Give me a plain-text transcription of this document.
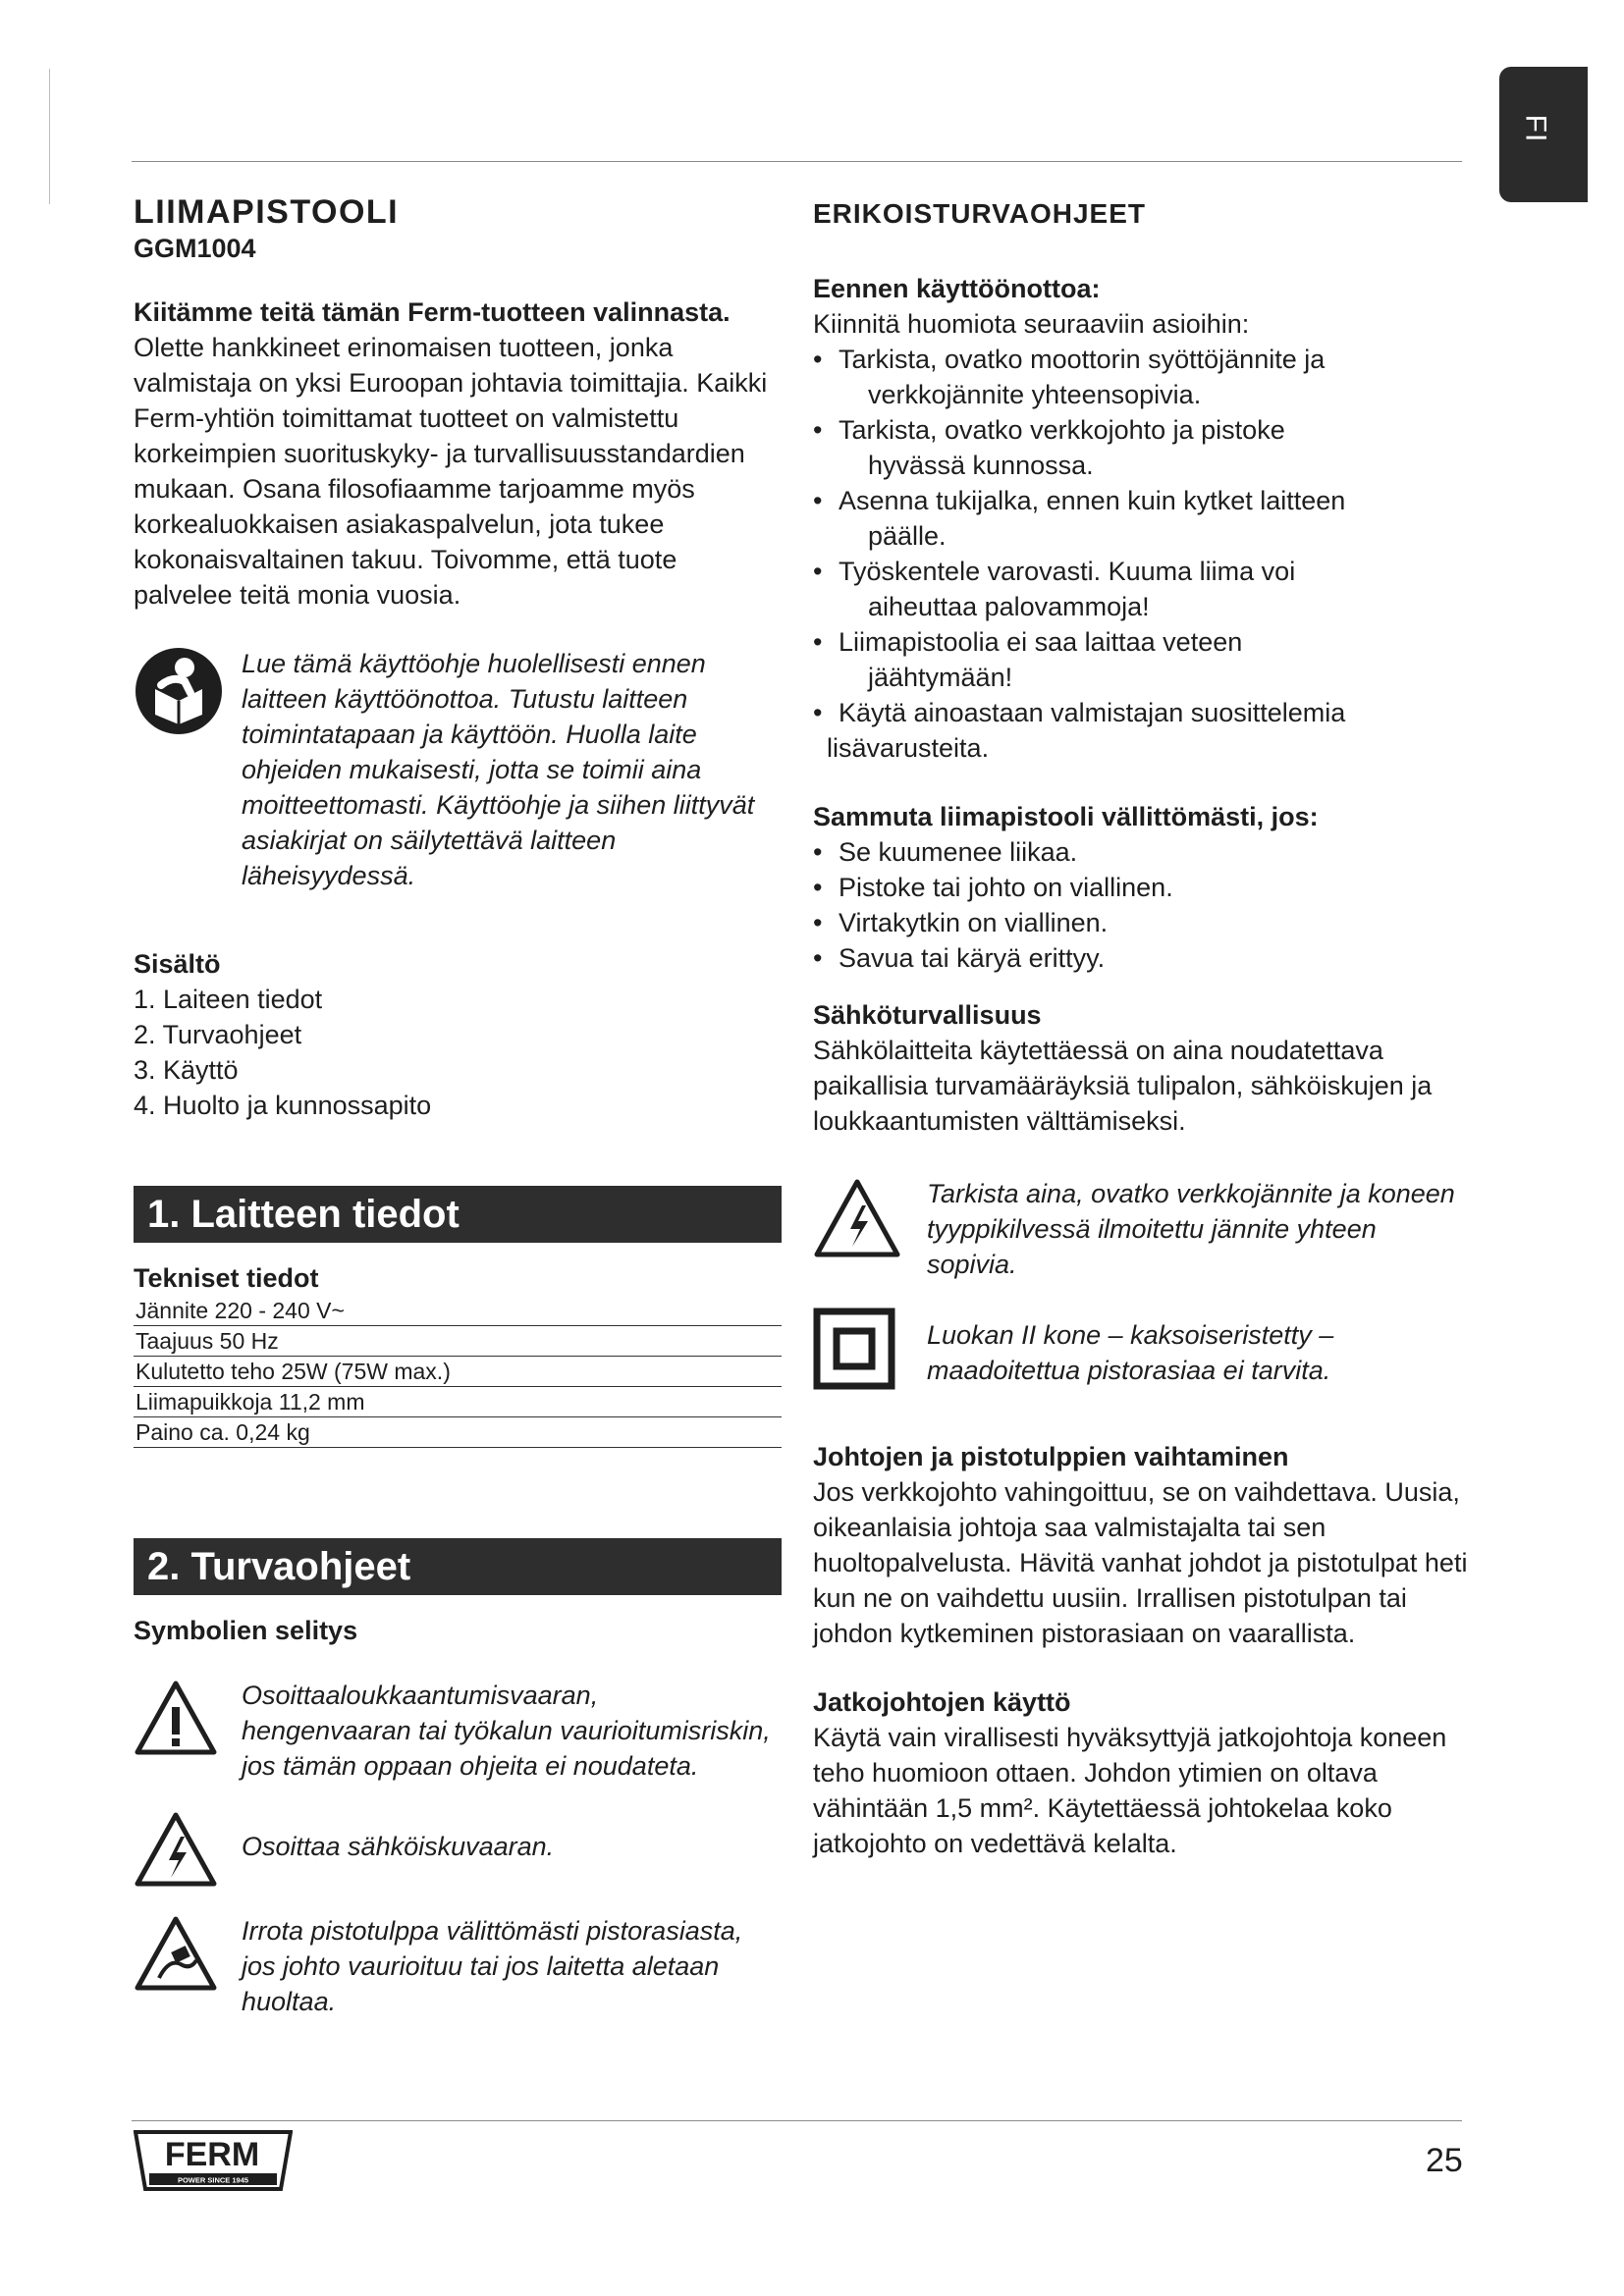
FI
LIIMAPISTOOLI

GGM1004

Kiitämme teitä tämän Ferm-tuotteen valinnasta. Olette hankkineet erinomaisen tuotteen, jonka valmistaja on yksi Euroopan johtavia toimittajia. Kaikki Ferm-yhtiön toimittamat tuotteet on valmistettu korkeimpien suorituskyky- ja turvallisuusstandardien mukaan. Osana filosofiaamme tarjoamme myös korkealuokkaisen asiakaspalvelun, jota tukee kokonaisvaltainen takuu. Toivomme, että tuote palvelee teitä monia vuosia.

Lue tämä käyttöohje huolellisesti ennen laitteen käyttöönottoa. Tutustu laitteen toimintatapaan ja käyttöön. Huolla laite ohjeiden mukaisesti, jotta se toimii aina moitteettomasti. Käyttöohje ja siihen liittyvät asiakirjat on säilytettävä laitteen läheisyydessä.

Sisältö

1. Laiteen tiedot
2. Turvaohjeet
3. Käyttö
4. Huolto ja kunnossapito
1. Laitteen tiedot

Tekniset tiedot

Jännite 220 - 240 V~
Taajuus 50 Hz
Kulutetto teho 25W (75W max.)
Liimapuikkoja 11,2 mm
Paino ca. 0,24 kg
2. Turvaohjeet

Symbolien selitys

Osoittaaloukkaantumisvaaran, hengenvaaran tai työkalun vaurioitumisriskin, jos tämän oppaan ohjeita ei noudateta.

Osoittaa sähköiskuvaaran.

Irrota pistotulppa välittömästi pistorasiasta, jos johto vaurioituu tai jos laitetta aletaan huoltaa.

ERIKOISTURVAOHJEET

Eennen käyttöönottoa:

Kiinnitä huomiota seuraaviin asioihin:

• Tarkista, ovatko moottorin syöttöjännite ja
verkkojännite yhteensopivia.
• Tarkista, ovatko verkkojohto ja pistoke
hyvässä kunnossa.
• Asenna tukijalka, ennen kuin kytket laitteen
päälle.
• Työskentele varovasti. Kuuma liima voi
aiheuttaa palovammoja!
• Liimapistoolia ei saa laittaa veteen
jäähtymään!
• Käytä ainoastaan valmistajan suosittelemia

lisävarusteita.

Sammuta liimapistooli vällittömästi, jos:

• Se kuumenee liikaa.
• Pistoke tai johto on viallinen.
• Virtakytkin on viallinen.
• Savua tai käryä erittyy.

Sähköturvallisuus

Sähkölaitteita käytettäessä on aina noudatettava paikallisia turvamääräyksiä tulipalon, sähköiskujen ja loukkaantumisten välttämiseksi.

Tarkista aina, ovatko verkkojännite ja koneen tyyppikilvessä ilmoitettu jännite yhteen sopivia.

Luokan II kone – kaksoiseristetty – maadoitettua pistorasiaa ei tarvita.

Johtojen ja pistotulppien vaihtaminen

Jos verkkojohto vahingoittuu, se on vaihdettava. Uusia, oikeanlaisia johtoja saa valmistajalta tai sen huoltopalvelusta. Hävitä vanhat johdot ja pistotulpat heti kun ne on vaihdettu uusiin. Irrallisen pistotulpan tai johdon kytkeminen pistorasiaan on vaarallista.

Jatkojohtojen käyttö

Käytä vain virallisesti hyväksyttyjä jatkojohtoja koneen teho huomioon ottaen. Johdon ytimien on oltava vähintään 1,5 mm². Käytettäessä johtokelaa koko jatkojohto on vedettävä kelalta.

FERM
POWER SINCE 1945
25
